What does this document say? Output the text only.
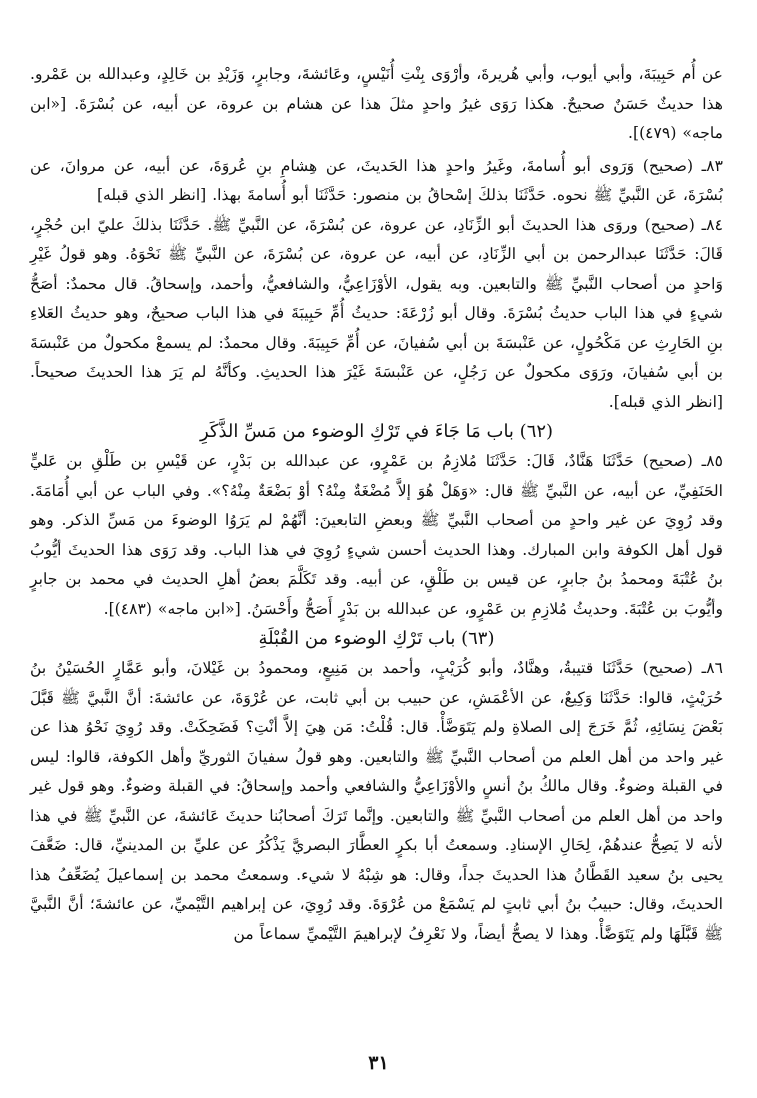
عن أُم حَبِيبَةَ، وأبي أيوب، وأبي هُريرةَ، وأرْوَى بِنْتِ أُنَيْسٍ، وعَائشةَ، وجابرٍ، وَزَيْدِ بن خَالِدٍ، وعبدالله بن عَمْرو. هذا حديثٌ حَسَنٌ صحيحٌ. هكذا رَوَى غيرُ واحدٍ مثلَ هذا عن هشام بن عروة، عن أبيه، عن بُسْرَةَ. [«ابن ماجه» (٤٧٩)].

٨٣ـ (صحيح) وَرَوى أبو أُسامةَ، وغَيرُ واحدٍ هذا الحَديثَ، عن هِشامِ بنِ عُروَةَ، عن أبيه، عن مروانَ، عن بُسْرَةَ، عَن النَّبيِّ ﷺ نحوه. حَدَّثَنَا بذلكَ إسْحاقُ بن منصور: حَدَّثَنَا أبو أُسامةَ بهذا. [انظر الذي قبله]

٨٤ـ (صحيح) وروَى هذا الحديثَ أبو الزِّنَادِ، عن عروة، عن بُسْرَةَ، عن النَّبيِّ ﷺ. حَدَّثَنَا بذلكَ عليّ ابن حُجْرٍ، قَالَ: حَدَّثَنَا عبدالرحمن بن أبي الزِّنَادِ، عن أبيه، عن عروة، عن بُسْرَةَ، عن النَّبيِّ ﷺ نَحْوَهُ. وهو قولُ غَيْرِ وَاحدٍ من أصحاب النَّبيِّ ﷺ والتابعين. وبه يقول، الأوْزَاعِيُّ، والشافعيُّ، وأحمد، وإسحاقُ. قال محمدٌ: أصَحُّ شيءٍ في هذا الباب حديثُ بُسْرَةَ. وقال أبو زُرْعَةَ: حديثُ أُمِّ حَبِيبَةَ في هذا الباب صحيحٌ، وهو حديثُ العَلاءِ بنِ الحَارِثِ عن مَكْحُولٍ، عن عَنْبسَةَ بن أبي سُفيانَ، عن أُمِّ حَبِيبَةَ. وقال محمدٌ: لم يسمعْ مكحولٌ من عَنْبسَةَ بن أبي سُفيانَ، ورَوَى مكحولٌ عن رَجُلٍ، عن عَنْبسَةَ غَيْرَ هذا الحديثِ. وكأنَّهُ لم يَرَ هذا الحديثَ صحيحاً. [انظر الذي قبله].

(٦٢) باب مَا جَاءَ في تَرْكِ الوضوء من مَسِّ الذَّكَرِ

٨٥ـ (صحيح) حَدَّثَنَا هَنَّادٌ، قَالَ: حَدَّثَنَا مُلازِمُ بن عَمْرٍو، عن عبدالله بن بَدْرٍ، عن قَيْسِ بن طَلْقِ بن عَليٍّ الحَنَفِيِّ، عن أبيه، عن النَّبيِّ ﷺ قال: «وَهَلْ هُوَ إلاَّ مُضْغَةٌ مِنْهُ؟ أوْ بَضْعَةٌ مِنْهُ؟». وفي الباب عن أبي أُمَامَةَ. وقد رُوِيَ عن غير واحدٍ من أصحاب النَّبيِّ ﷺ وبعضِ التابعينَ: أنَّهُمْ لم يَرَوُا الوضوءَ من مَسِّ الذكر. وهو قول أهل الكوفة وابن المبارك. وهذا الحديث أحسن شيءٍ رُوِيَ في هذا الباب. وقد رَوَى هذا الحديثَ أيُّوبُ بنُ عُتْبَةَ ومحمدُ بنُ جابرٍ، عن قيس بن طَلْقٍ، عن أبيه. وقد تَكَلَّمَ بعضُ أهلِ الحديث في محمد بن جابرٍ وأيُّوبَ بن عُتْبَةَ. وحديثُ مُلازِمِ بن عَمْرٍو، عن عبدالله بن بَدْرٍ أَصَحُّ وأَحْسَنُ. [«ابن ماجه» (٤٨٣)].

(٦٣) باب تَرْكِ الوضوء من القُبْلَةِ

٨٦ـ (صحيح) حَدَّثَنَا قتيبةُ، وهنَّادٌ، وأبو كُرَيْبٍ، وأحمد بن مَنِيعٍ، ومحمودُ بن غَيْلانَ، وأبو عَمَّارٍ الحُسَيْنُ بنُ حُرَيْثٍ، قالوا: حَدَّثَنَا وَكِيعٌ، عن الأعْمَشِ، عن حبيب بن أبي ثابت، عن عُرْوَةَ، عن عائشةَ: أنَّ النَّبيَّ ﷺ قَبَّلَ بَعْضَ نِسَائِهِ، ثُمَّ خَرَجَ إلى الصلاةِ ولم يَتَوَضَّأْ. قال: قُلْتُ: مَن هِيَ إلاَّ أنْتِ؟ فَضَحِكَتْ. وقد رُوِيَ نَحْوُ هذا عن غير واحد من أهل العلم من أصحاب النَّبيِّ ﷺ والتابعين. وهو قولُ سفيانَ الثوريِّ وأهل الكوفة، قالوا: ليس في القبلة وضوءٌ. وقال مالكُ بنُ أنسٍ والأوْزَاعِيُّ والشافعي وأحمد وإسحاقُ: في القبلة وضوءٌ. وهو قول غير واحد من أهل العلم من أصحاب النَّبيِّ ﷺ والتابعين. وإنَّما تَرَكَ أصحابُنا حديثَ عَائشةَ، عن النَّبيِّ ﷺ في هذا لأنه لا يَصِحُّ عندهُمْ، لِحَالِ الإسنادِ. وسمعتُ أبا بكرٍ العطَّارَ البصريَّ يَذْكُرُ عن عليِّ بن المدينيِّ، قال: ضَعَّفَ يحيى بنُ سعيد القَطَّانُ هذا الحديثَ جداً، وقال: هو شِبْهُ لا شيء. وسمعتُ محمد بن إسماعيلَ يُضَعِّفُ هذا الحديثَ، وقال: حبيبُ بنُ أبي ثابتٍ لم يَسْمَعْ من عُرْوَةَ. وقد رُوِيَ، عن إبراهيم التَّيْميِّ، عن عائشةَ؛ أنَّ النَّبيَّ ﷺ قَبَّلَهَا ولم يَتَوَضَّأْ. وهذا لا يصحُّ أيضاً، ولا نَعْرِفُ لإبراهيمَ التَّيْميِّ سماعاً من

٣١
